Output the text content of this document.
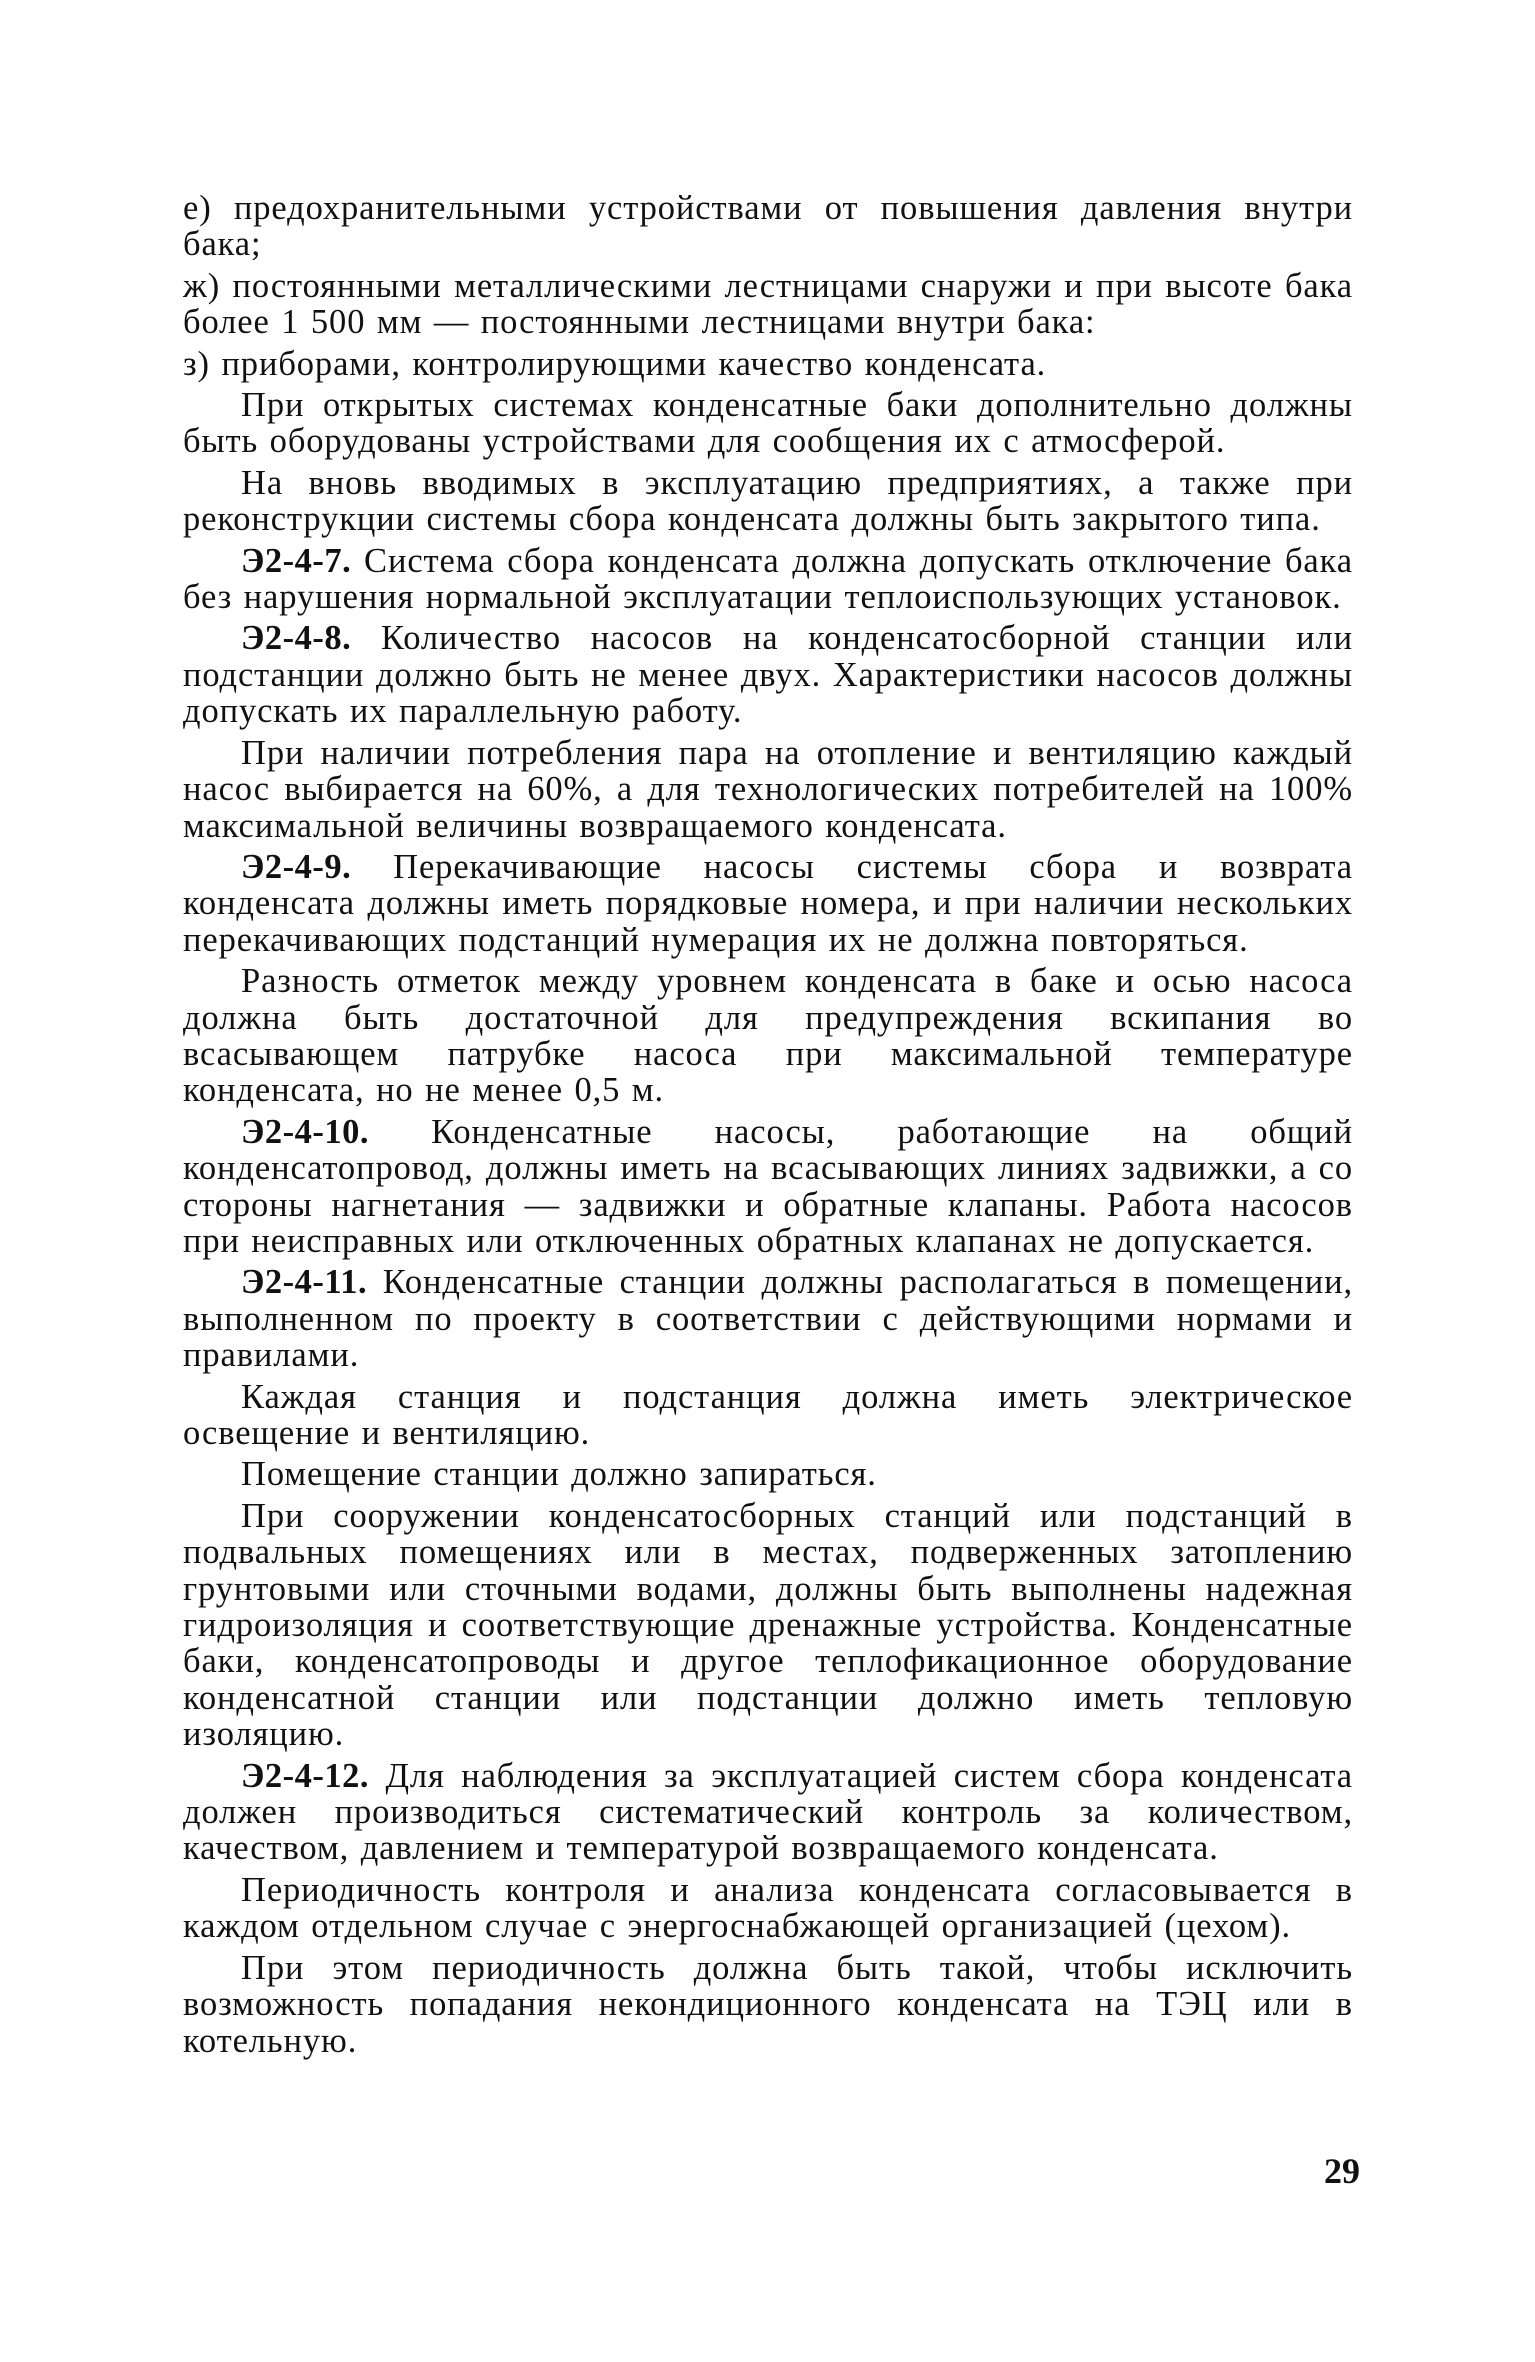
е) предохранительными устройствами от повышения давления внутри бака;

ж) постоянными металлическими лестницами снаружи и при высоте бака более 1 500 мм — постоянными лестницами внутри бака:

з) приборами, контролирующими качество конденсата.

При открытых системах конденсатные баки дополнительно должны быть оборудованы устройствами для сообщения их с атмосферой.

На вновь вводимых в эксплуатацию предприятиях, а также при реконструкции системы сбора конденсата должны быть закрытого типа.

Э2-4-7. Система сбора конденсата должна допускать отключение бака без нарушения нормальной эксплуатации теплоиспользующих установок.

Э2-4-8. Количество насосов на конденсатосборной станции или подстанции должно быть не менее двух. Характеристики насосов должны допускать их параллельную работу.

При наличии потребления пара на отопление и вентиляцию каждый насос выбирается на 60%, а для технологических потребителей на 100% максимальной величины возвращаемого конденсата.

Э2-4-9. Перекачивающие насосы системы сбора и возврата конденсата должны иметь порядковые номера, и при наличии нескольких перекачивающих подстанций нумерация их не должна повторяться.

Разность отметок между уровнем конденсата в баке и осью насоса должна быть достаточной для предупреждения вскипания во всасывающем патрубке насоса при максимальной температуре конденсата, но не менее 0,5 м.

Э2-4-10. Конденсатные насосы, работающие на общий конденсатопровод, должны иметь на всасывающих линиях задвижки, а со стороны нагнетания — задвижки и обратные клапаны. Работа насосов при неисправных или отключенных обратных клапанах не допускается.

Э2-4-11. Конденсатные станции должны располагаться в помещении, выполненном по проекту в соответствии с действующими нормами и правилами.

Каждая станция и подстанция должна иметь электрическое освещение и вентиляцию.

Помещение станции должно запираться.

При сооружении конденсатосборных станций или подстанций в подвальных помещениях или в местах, подверженных затоплению грунтовыми или сточными водами, должны быть выполнены надежная гидроизоляция и соответствующие дренажные устройства. Конденсатные баки, конденсатопроводы и другое теплофикационное оборудование конденсатной станции или подстанции должно иметь тепловую изоляцию.

Э2-4-12. Для наблюдения за эксплуатацией систем сбора конденсата должен производиться систематический контроль за количеством, качеством, давлением и температурой возвращаемого конденсата.

Периодичность контроля и анализа конденсата согласовывается в каждом отдельном случае с энергоснабжающей организацией (цехом).

При этом периодичность должна быть такой, чтобы исключить возможность попадания некондиционного конденсата на ТЭЦ или в котельную.

29
